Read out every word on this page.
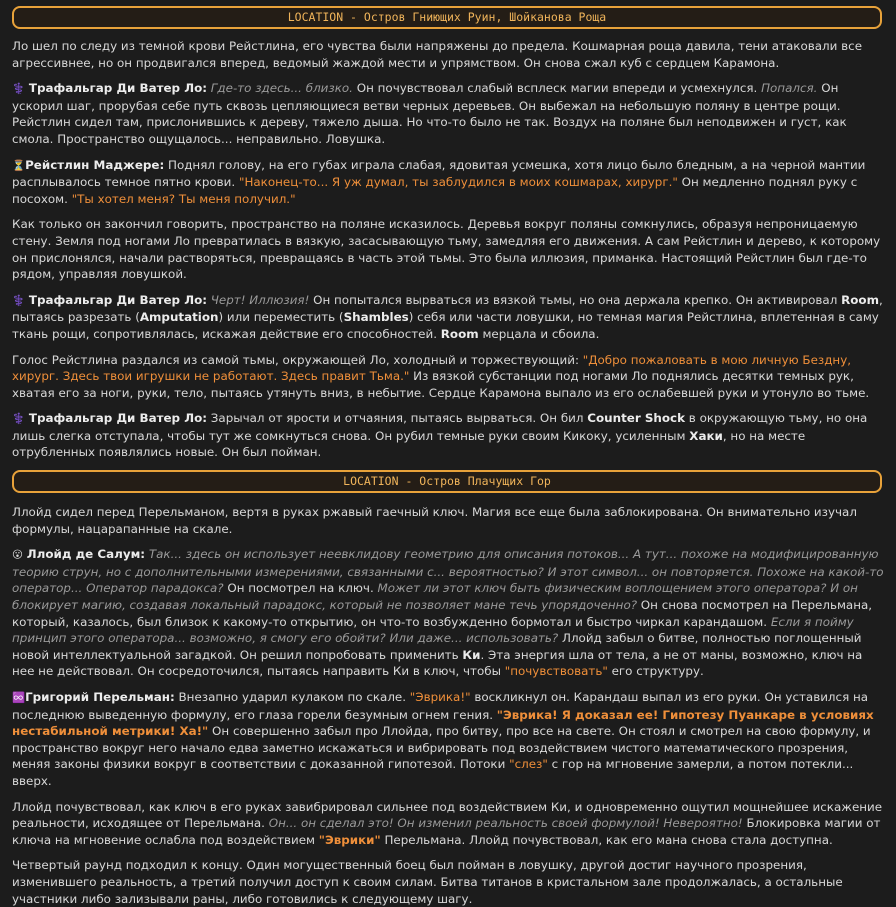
LOCATION - Остров Гниющих Руин, Шойканова Роща

Ло шел по следу из темной крови Рейстлина, его чувства были напряжены до предела. Кошмарная роща давила, тени атаковали все агрессивнее, но он продвигался вперед, ведомый жаждой мести и упрямством. Он снова сжал куб с сердцем Карамона.

⚕️ Трафальгар Ди Ватер Ло: Где-то здесь... близко. Он почувствовал слабый всплеск магии впереди и усмехнулся. Попался. Он ускорил шаг, прорубая себе путь сквозь цепляющиеся ветви черных деревьев. Он выбежал на небольшую поляну в центре рощи. Рейстлин сидел там, прислонившись к дереву, тяжело дыша. Но что-то было не так. Воздух на поляне был неподвижен и густ, как смола. Пространство ощущалось... неправильно. Ловушка.

⏳Рейстлин Маджере: Поднял голову, на его губах играла слабая, ядовитая усмешка, хотя лицо было бледным, а на черной мантии расплывалось темное пятно крови. "Наконец-то... Я уж думал, ты заблудился в моих кошмарах, хирург." Он медленно поднял руку с посохом. "Ты хотел меня? Ты меня получил."

Как только он закончил говорить, пространство на поляне исказилось. Деревья вокруг поляны сомкнулись, образуя непроницаемую стену. Земля под ногами Ло превратилась в вязкую, засасывающую тьму, замедляя его движения. А сам Рейстлин и дерево, к которому он прислонялся, начали растворяться, превращаясь в часть этой тьмы. Это была иллюзия, приманка. Настоящий Рейстлин был где-то рядом, управляя ловушкой.

⚕️ Трафальгар Ди Ватер Ло: Черт! Иллюзия! Он попытался вырваться из вязкой тьмы, но она держала крепко. Он активировал Room, пытаясь разрезать (Amputation) или переместить (Shambles) себя или части ловушки, но темная магия Рейстлина, вплетенная в саму ткань рощи, сопротивлялась, искажая действие его способностей. Room мерцала и сбоила.

Голос Рейстлина раздался из самой тьмы, окружающей Ло, холодный и торжествующий: "Добро пожаловать в мою личную Бездну, хирург. Здесь твои игрушки не работают. Здесь правит Тьма." Из вязкой субстанции под ногами Ло поднялись десятки темных рук, хватая его за ноги, руки, тело, пытаясь утянуть вниз, в небытие. Сердце Карамона выпало из его ослабевшей руки и утонуло во тьме.

⚕️ Трафальгар Ди Ватер Ло: Зарычал от ярости и отчаяния, пытаясь вырваться. Он бил Counter Shock в окружающую тьму, но она лишь слегка отступала, чтобы тут же сомкнуться снова. Он рубил темные руки своим Кикоку, усиленным Хаки, но на месте отрубленных появлялись новые. Он был пойман.

LOCATION - Остров Плачущих Гор

Ллойд сидел перед Перельманом, вертя в руках ржавый гаечный ключ. Магия все еще была заблокирована. Он внимательно изучал формулы, нацарапанные на скале.

😮 Ллойд де Салум: Так... здесь он использует неевклидову геометрию для описания потоков... А тут... похоже на модифицированную теорию струн, но с дополнительными измерениями, связанными с... вероятностью? И этот символ... он повторяется. Похоже на какой-то оператор... Оператор парадокса? Он посмотрел на ключ. Может ли этот ключ быть физическим воплощением этого оператора? И он блокирует магию, создавая локальный парадокс, который не позволяет мане течь упорядоченно? Он снова посмотрел на Перельмана, который, казалось, был близок к какому-то открытию, он что-то возбужденно бормотал и быстро чиркал карандашом. Если я пойму принцип этого оператора... возможно, я смогу его обойти? Или даже... использовать? Ллойд забыл о битве, полностью поглощенный новой интеллектуальной загадкой. Он решил попробовать применить Ки. Эта энергия шла от тела, а не от маны, возможно, ключ на нее не действовал. Он сосредоточился, пытаясь направить Ки в ключ, чтобы "почувствовать" его структуру.

♾️Григорий Перельман: Внезапно ударил кулаком по скале. "Эврика!" воскликнул он. Карандаш выпал из его руки. Он уставился на последнюю выведенную формулу, его глаза горели безумным огнем гения. "Эврика! Я доказал ее! Гипотезу Пуанкаре в условиях нестабильной метрики! Ха!" Он совершенно забыл про Ллойда, про битву, про все на свете. Он стоял и смотрел на свою формулу, и пространство вокруг него начало едва заметно искажаться и вибрировать под воздействием чистого математического прозрения, меняя законы физики вокруг в соответствии с доказанной гипотезой. Потоки "слез" с гор на мгновение замерли, а потом потекли... вверх.

Ллойд почувствовал, как ключ в его руках завибрировал сильнее под воздействием Ки, и одновременно ощутил мощнейшее искажение реальности, исходящее от Перельмана. Он... он сделал это! Он изменил реальность своей формулой! Невероятно! Блокировка магии от ключа на мгновение ослабла под воздействием "Эврики" Перельмана. Ллойд почувствовал, как его мана снова стала доступна.

Четвертый раунд подходил к концу. Один могущественный боец был пойман в ловушку, другой достиг научного прозрения, изменившего реальность, а третий получил доступ к своим силам. Битва титанов в кристальном зале продолжалась, а остальные участники либо зализывали раны, либо готовились к следующему шагу.
